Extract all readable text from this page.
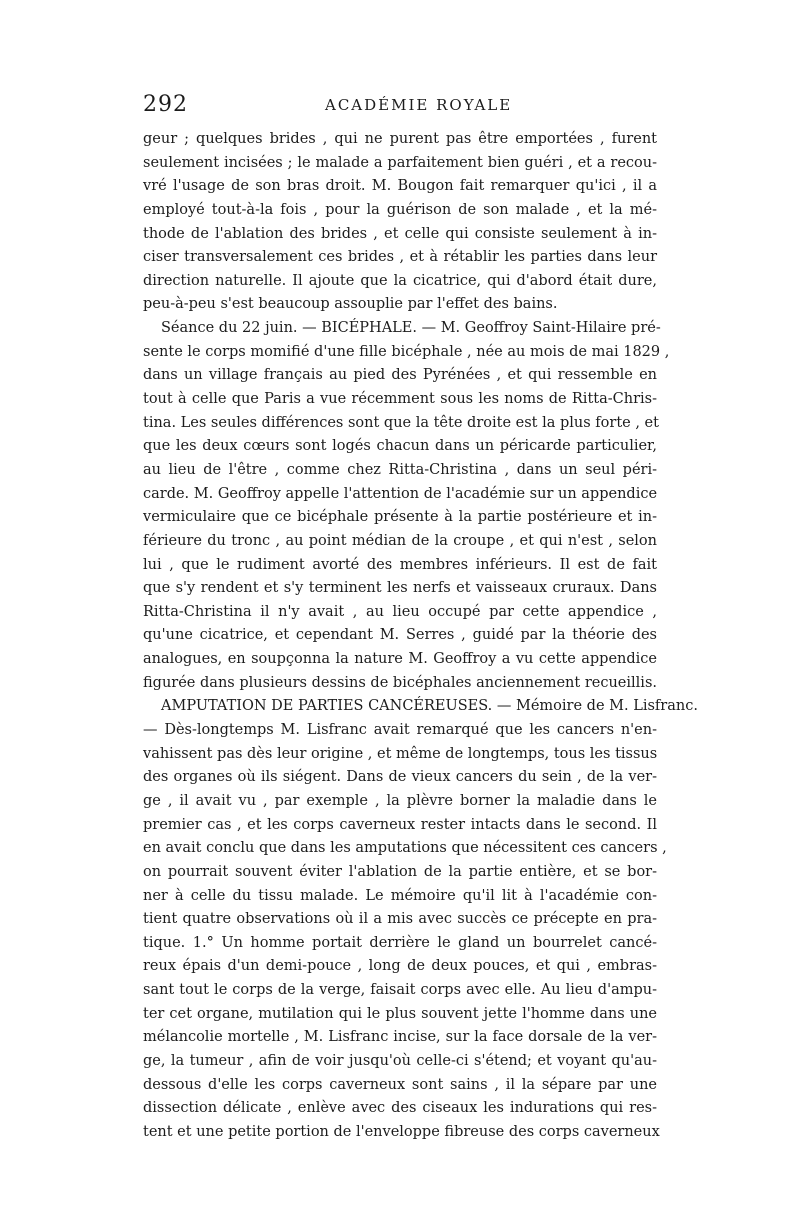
292	ACADÉMIE ROYALE
geur ; quelques brides , qui ne purent pas être emportées , furent
seulement incisées ; le malade a parfaitement bien guéri , et a recou-
vré l'usage de son bras droit. M. Bougon fait remarquer qu'ici , il a
employé tout-à-la fois , pour la guérison de son malade , et la mé-
thode de l'ablation des brides , et celle qui consiste seulement à in-
ciser transversalement ces brides , et à rétablir les parties dans leur
direction naturelle. Il ajoute que la cicatrice, qui d'abord était dure,
peu-à-peu s'est beaucoup assouplie par l'effet des bains.
Séance du 22 juin. — BICÉPHALE. — M. Geoffroy Saint-Hilaire pré-
sente le corps momifié d'une fille bicéphale , née au mois de mai 1829 ,
dans un village français au pied des Pyrénées , et qui ressemble en
tout à celle que Paris a vue récemment sous les noms de Ritta-Chris-
tina. Les seules différences sont que la tête droite est la plus forte , et
que les deux cœurs sont logés chacun dans un péricarde particulier,
au lieu de l'être , comme chez Ritta-Christina , dans un seul péri-
carde. M. Geoffroy appelle l'attention de l'académie sur un appendice
vermiculaire que ce bicéphale présente à la partie postérieure et in-
férieure du tronc , au point médian de la croupe , et qui n'est , selon
lui , que le rudiment avorté des membres inférieurs. Il est de fait
que s'y rendent et s'y terminent les nerfs et vaisseaux cruraux. Dans
Ritta-Christina il n'y avait , au lieu occupé par cette appendice ,
qu'une cicatrice, et cependant M. Serres , guidé par la théorie des
analogues, en soupçonna la nature M. Geoffroy a vu cette appendice
figurée dans plusieurs dessins de bicéphales anciennement recueillis.
AMPUTATION DE PARTIES CANCÉREUSES. — Mémoire de M. Lisfranc.
— Dès-longtemps M. Lisfranc avait remarqué que les cancers n'en-
vahissent pas dès leur origine , et même de longtemps, tous les tissus
des organes où ils siégent. Dans de vieux cancers du sein , de la ver-
ge , il avait vu , par exemple , la plèvre borner la maladie dans le
premier cas , et les corps caverneux rester intacts dans le second. Il
en avait conclu que dans les amputations que nécessitent ces cancers ,
on pourrait souvent éviter l'ablation de la partie entière, et se bor-
ner à celle du tissu malade. Le mémoire qu'il lit à l'académie con-
tient quatre observations où il a mis avec succès ce précepte en pra-
tique. 1.° Un homme portait derrière le gland un bourrelet cancé-
reux épais d'un demi-pouce , long de deux pouces, et qui , embras-
sant tout le corps de la verge, faisait corps avec elle. Au lieu d'ampu-
ter cet organe, mutilation qui le plus souvent jette l'homme dans une
mélancolie mortelle , M. Lisfranc incise, sur la face dorsale de la ver-
ge, la tumeur , afin de voir jusqu'où celle-ci s'étend; et voyant qu'au-
dessous d'elle les corps caverneux sont sains , il la sépare par une
dissection délicate , enlève avec des ciseaux les indurations qui res-
tent et une petite portion de l'enveloppe fibreuse des corps caverneux
